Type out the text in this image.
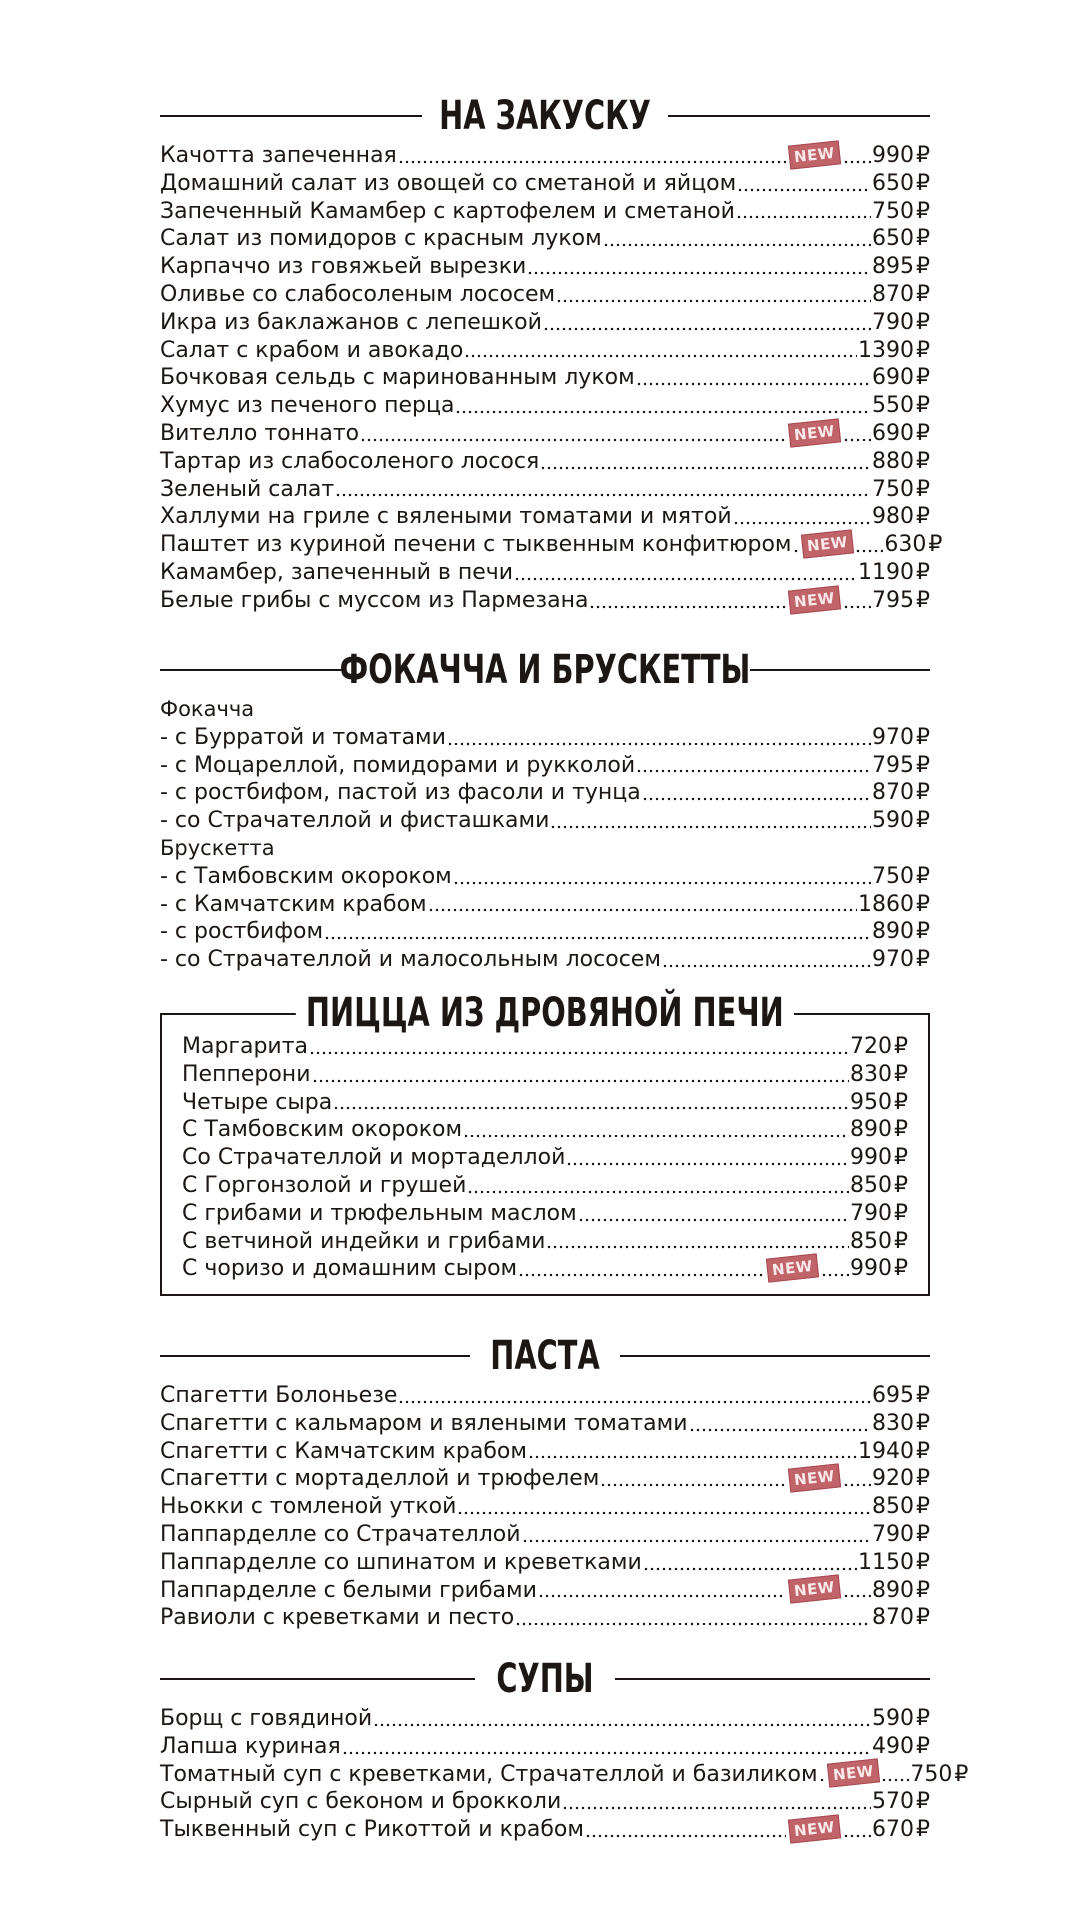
НА ЗАКУСКУ
Качотта запеченная	NEW 990₽
Домашний салат из овощей со сметаной и яйцом	650₽
Запеченный Камамбер с картофелем и сметаной	750₽
Салат из помидоров с красным луком	650₽
Карпаччо из говяжьей вырезки	895₽
Оливье со слабосоленым лососем	870₽
Икра из баклажанов с лепешкой	790₽
Салат с крабом и авокадо	1390₽
Бочковая сельдь с маринованным луком	690₽
Хумус из печеного перца	550₽
Вителло тоннато	NEW 690₽
Тартар из слабосоленого лосося	880₽
Зеленый салат	750₽
Халлуми на гриле с вялеными томатами и мятой	980₽
Паштет из куриной печени с тыквенным конфитюром NEW 630₽
Камамбер, запеченный в печи	1190₽
Белые грибы с муссом из Пармезана	NEW 795₽
ФОКАЧЧА И БРУСКЕТТЫ
Фокачча
- с Бурратой и томатами	970₽
- с Моцареллой, помидорами и рукколой	795₽
- с ростбифом, пастой из фасоли и тунца	870₽
- со Страчателлой и фисташками	590₽
Брускетта
- с Тамбовским окороком	750₽
- с Камчатским крабом	1860₽
- с ростбифом	890₽
- со Страчателлой и малосольным лососем	970₽
ПИЦЦА ИЗ ДРОВЯНОЙ ПЕЧИ
Маргарита	720₽
Пепперони	830₽
Четыре сыра	950₽
С Тамбовским окороком	890₽
Со Страчателлой и мортаделлой	990₽
С Горгонзолой и грушей	850₽
С грибами и трюфельным маслом	790₽
С ветчиной индейки и грибами	850₽
С чоризо и домашним сыром	NEW 990₽
ПАСТА
Спагетти Болоньезе	695₽
Спагетти с кальмаром и вялеными томатами	830₽
Спагетти с Камчатским крабом	1940₽
Спагетти с мортаделлой и трюфелем	NEW 920₽
Ньокки с томленой уткой	850₽
Паппарделле со Страчателлой	790₽
Паппарделле со шпинатом и креветками	1150₽
Паппарделле с белыми грибами	NEW 890₽
Равиоли с креветками и песто	870₽
СУПЫ
Борщ с говядиной	590₽
Лапша куриная	490₽
Томатный суп с креветками, Страчателлой и базиликом NEW 750₽
Сырный суп с беконом и брокколи	570₽
Тыквенный суп с Рикоттой и крабом	NEW 670₽
